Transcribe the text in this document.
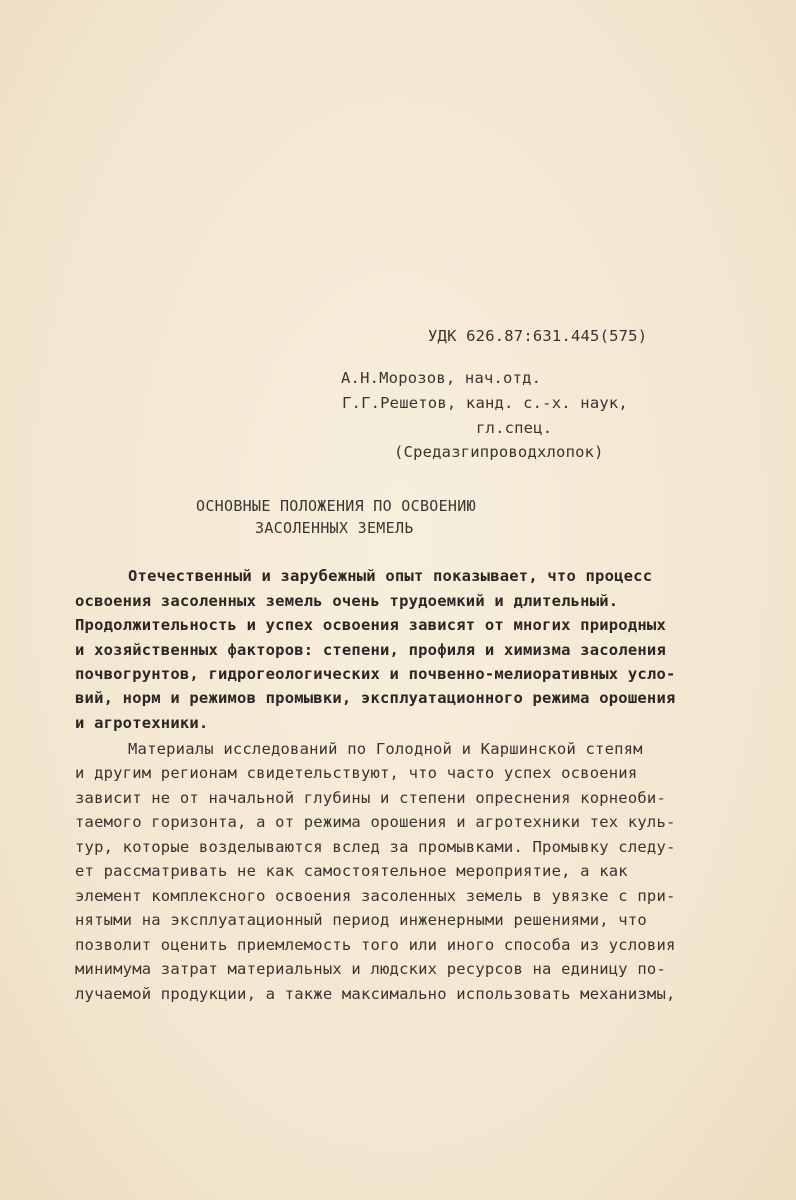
УДК 626.87:631.445(575)
А.Н.Морозов, нач.отд.
Г.Г.Решетов, канд. с.-х. наук,
гл.спец.
(Средазгипроводхлопок)
ОСНОВНЫЕ ПОЛОЖЕНИЯ ПО ОСВОЕНИЮ
ЗАСОЛЕННЫХ ЗЕМЕЛЬ
Отечественный и зарубежный опыт показывает, что процесс
освоения засоленных земель очень трудоемкий и длительный.
Продолжительность и успех освоения зависят от многих природных
и хозяйственных факторов: степени, профиля и химизма засоления
почвогрунтов, гидрогеологических и почвенно-мелиоративных усло-
вий, норм и режимов промывки, эксплуатационного режима орошения
и агротехники.
Материалы исследований по Голодной и Каршинской степям
и другим регионам свидетельствуют, что часто успех освоения
зависит не от начальной глубины и степени опреснения корнеоби-
таемого горизонта, а от режима орошения и агротехники тех куль-
тур, которые возделываются вслед за промывками. Промывку следу-
ет рассматривать не как самостоятельное мероприятие, а как
элемент комплексного освоения засоленных земель в увязке с при-
нятыми на эксплуатационный период инженерными решениями, что
позволит оценить приемлемость того или иного способа из условия
минимума затрат материальных и людских ресурсов на единицу по-
лучаемой продукции, а также максимально использовать механизмы,
